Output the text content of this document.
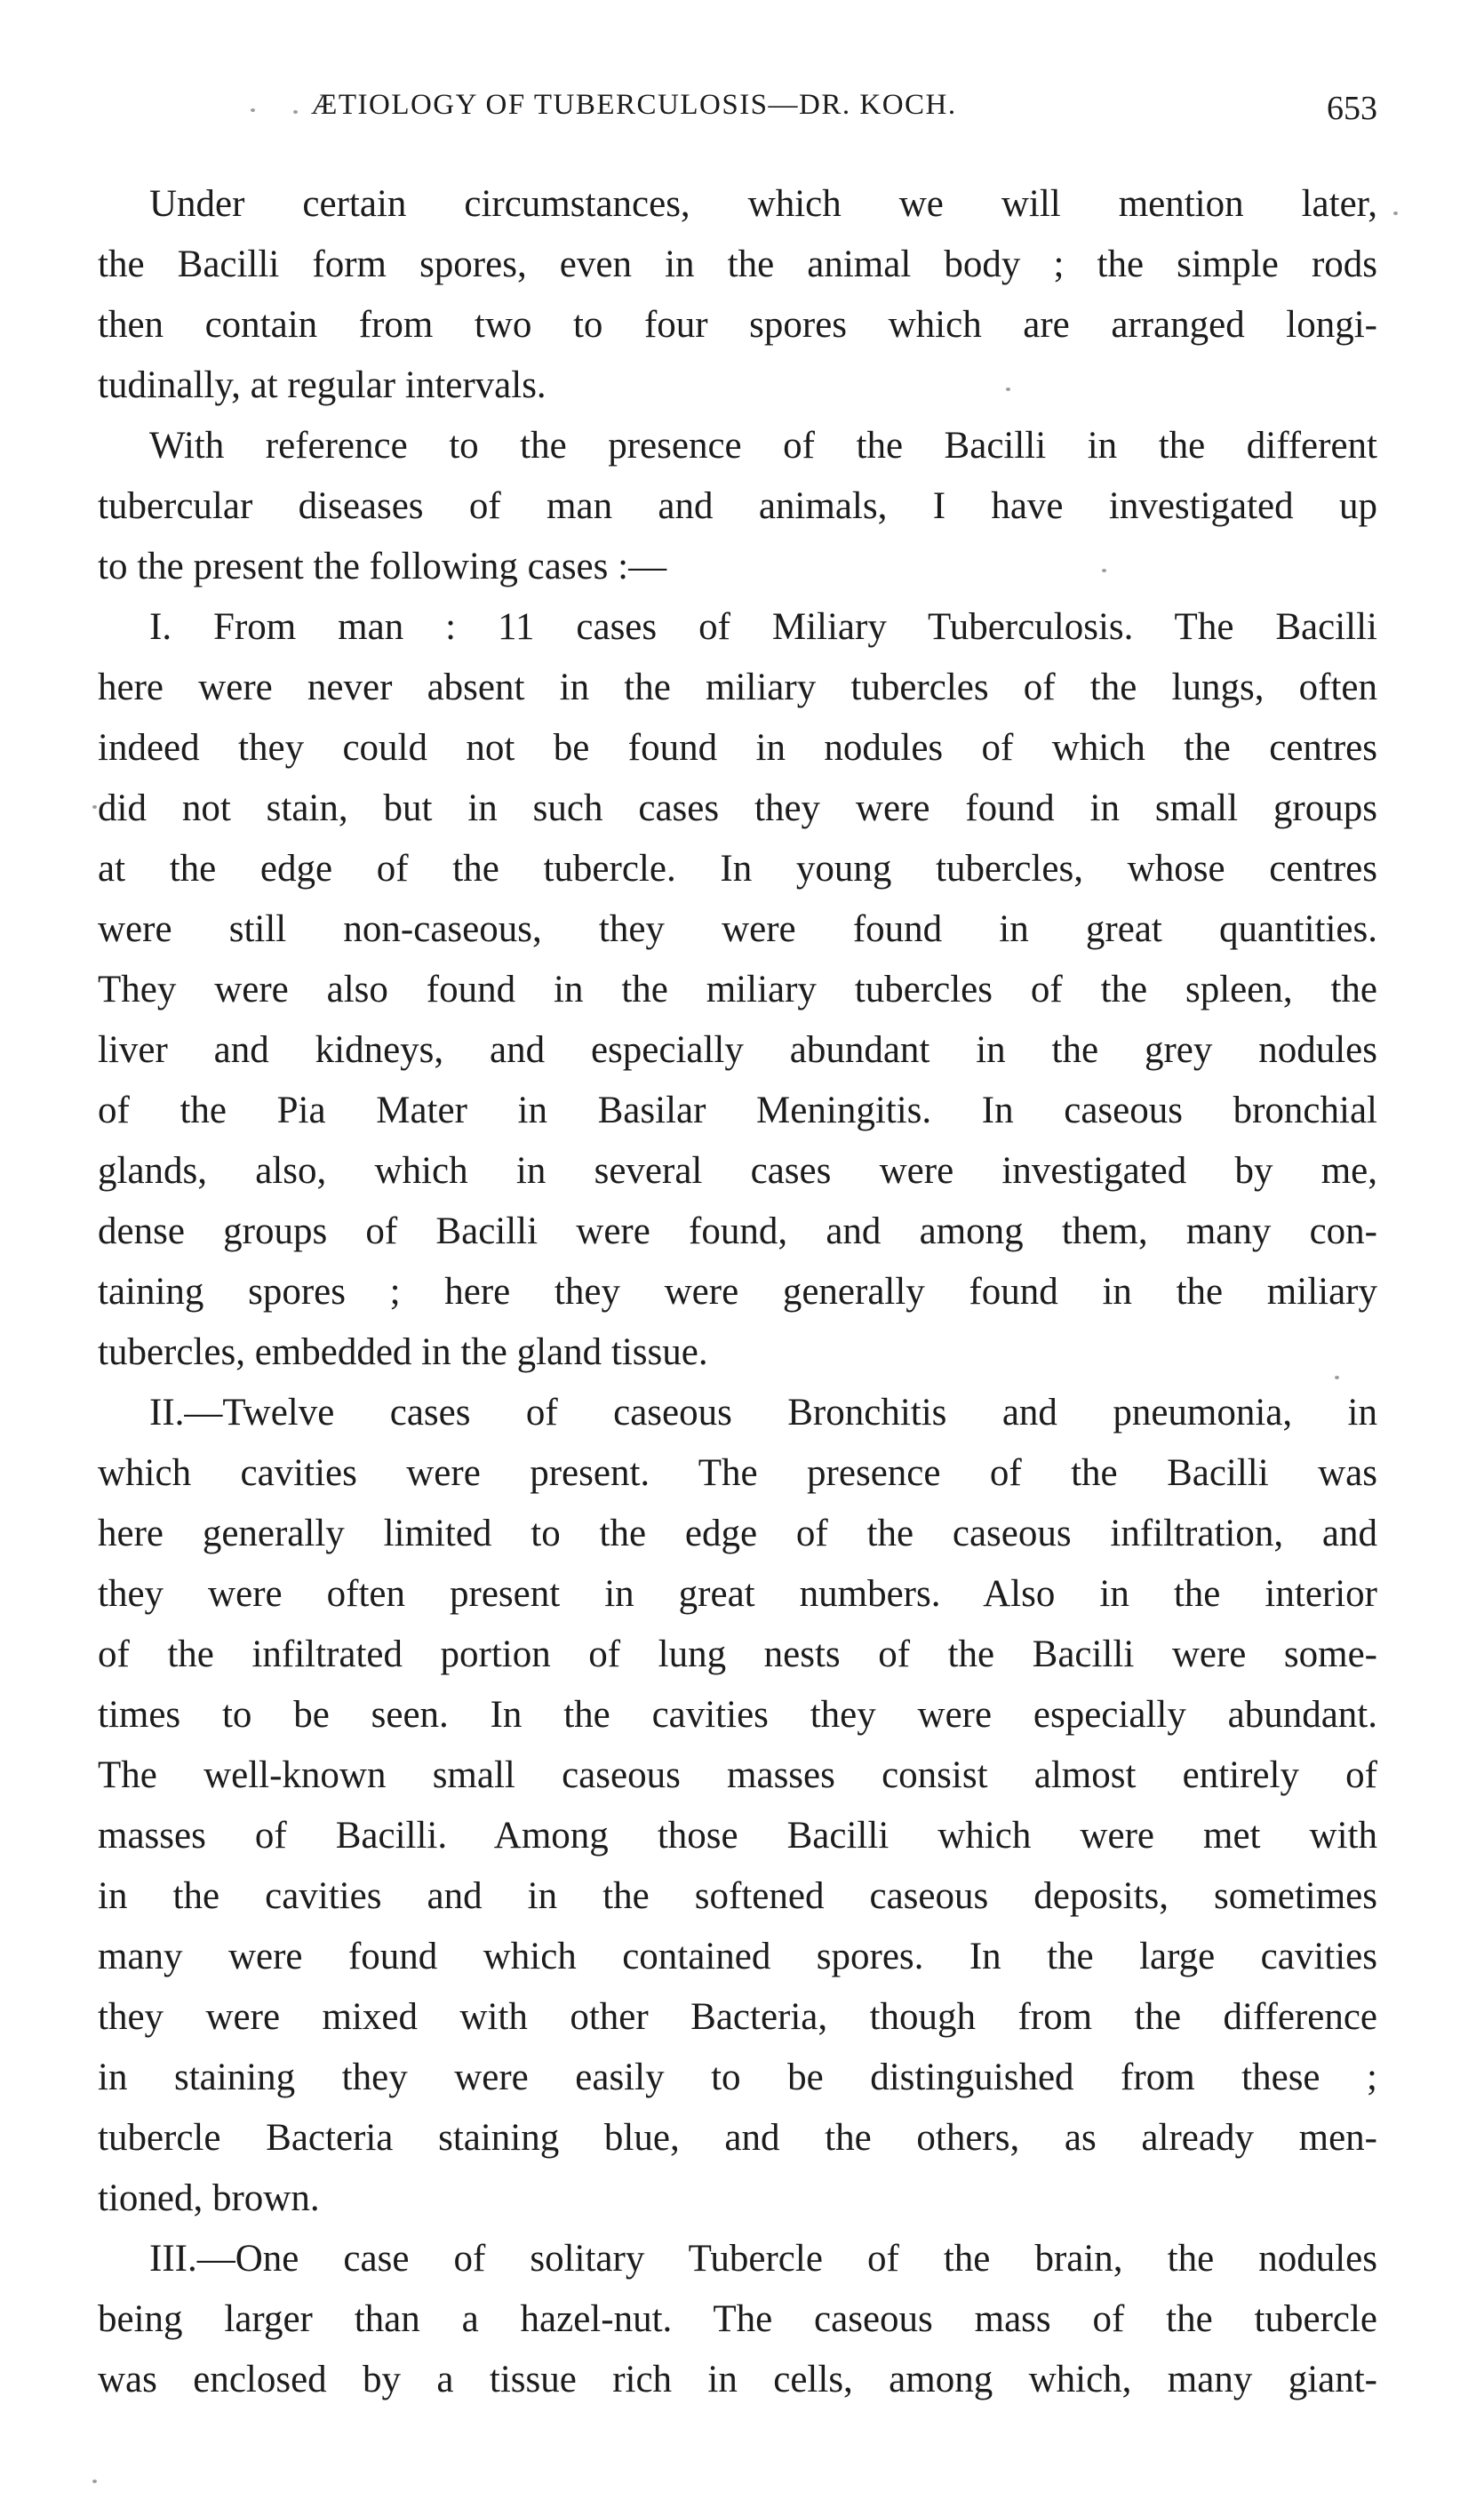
ÆTIOLOGY OF TUBERCULOSIS—DR. KOCH.	653
Under certain circumstances, which we will mention later,
the Bacilli form spores, even in the animal body ; the simple rods
then contain from two to four spores which are arranged longi-
tudinally, at regular intervals.
With reference to the presence of the Bacilli in the different
tubercular diseases of man and animals, I have investigated up
to the present the following cases :—
I. From man : 11 cases of Miliary Tuberculosis. The Bacilli
here were never absent in the miliary tubercles of the lungs, often
indeed they could not be found in nodules of which the centres
did not stain, but in such cases they were found in small groups
at the edge of the tubercle. In young tubercles, whose centres
were still non-caseous, they were found in great quantities.
They were also found in the miliary tubercles of the spleen, the
liver and kidneys, and especially abundant in the grey nodules
of the Pia Mater in Basilar Meningitis. In caseous bronchial
glands, also, which in several cases were investigated by me,
dense groups of Bacilli were found, and among them, many con-
taining spores ; here they were generally found in the miliary
tubercles, embedded in the gland tissue.
II.—Twelve cases of caseous Bronchitis and pneumonia, in
which cavities were present. The presence of the Bacilli was
here generally limited to the edge of the caseous infiltration, and
they were often present in great numbers. Also in the interior
of the infiltrated portion of lung nests of the Bacilli were some-
times to be seen. In the cavities they were especially abundant.
The well-known small caseous masses consist almost entirely of
masses of Bacilli. Among those Bacilli which were met with
in the cavities and in the softened caseous deposits, sometimes
many were found which contained spores. In the large cavities
they were mixed with other Bacteria, though from the difference
in staining they were easily to be distinguished from these ;
tubercle Bacteria staining blue, and the others, as already men-
tioned, brown.
III.—One case of solitary Tubercle of the brain, the nodules
being larger than a hazel-nut. The caseous mass of the tubercle
was enclosed by a tissue rich in cells, among which, many giant-
